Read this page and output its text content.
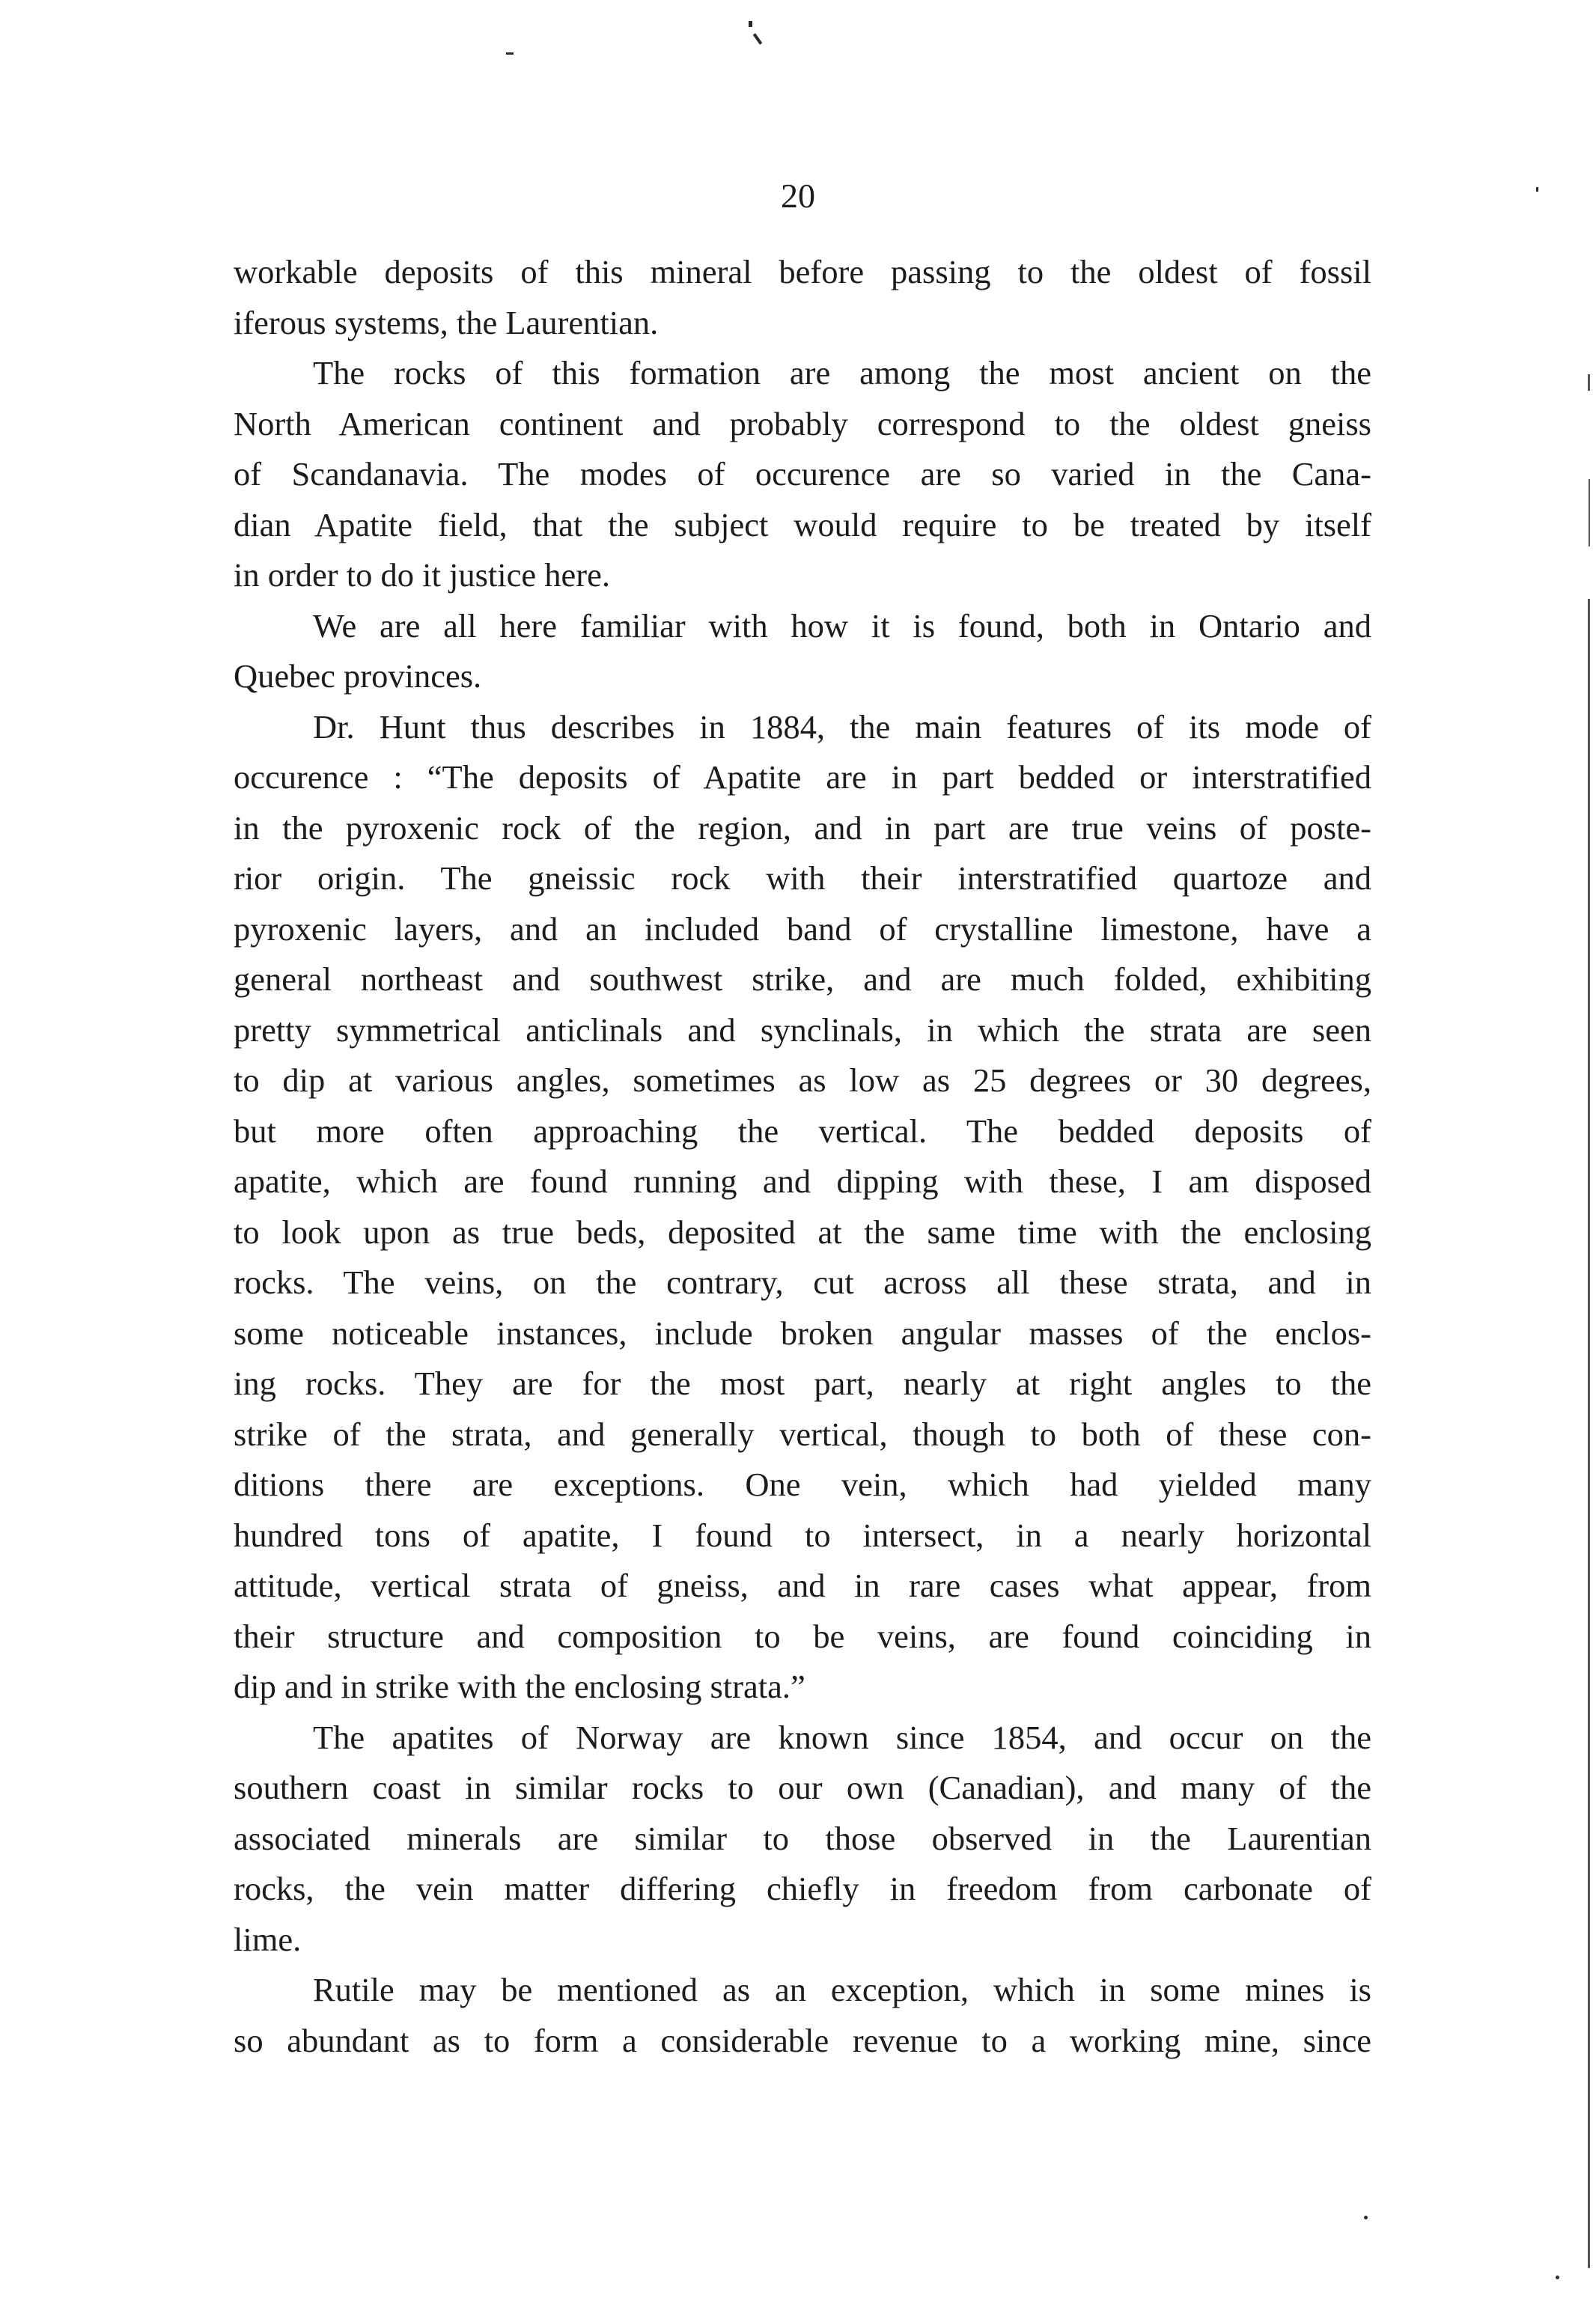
20
workable deposits of this mineral before passing to the oldest of fossil
iferous systems, the Laurentian.
The rocks of this formation are among the most ancient on the
North American continent and probably correspond to the oldest gneiss
of Scandanavia. The modes of occurence are so varied in the Cana-
dian Apatite field, that the subject would require to be treated by itself
in order to do it justice here.
We are all here familiar with how it is found, both in Ontario and
Quebec provinces.
Dr. Hunt thus describes in 1884, the main features of its mode of
occurence : “The deposits of Apatite are in part bedded or interstratified
in the pyroxenic rock of the region, and in part are true veins of poste-
rior origin. The gneissic rock with their interstratified quartoze and
pyroxenic layers, and an included band of crystalline limestone, have a
general northeast and southwest strike, and are much folded, exhibiting
pretty symmetrical anticlinals and synclinals, in which the strata are seen
to dip at various angles, sometimes as low as 25 degrees or 30 degrees,
but more often approaching the vertical. The bedded deposits of
apatite, which are found running and dipping with these, I am disposed
to look upon as true beds, deposited at the same time with the enclosing
rocks. The veins, on the contrary, cut across all these strata, and in
some noticeable instances, include broken angular masses of the enclos-
ing rocks. They are for the most part, nearly at right angles to the
strike of the strata, and generally vertical, though to both of these con-
ditions there are exceptions. One vein, which had yielded many
hundred tons of apatite, I found to intersect, in a nearly horizontal
attitude, vertical strata of gneiss, and in rare cases what appear, from
their structure and composition to be veins, are found coinciding in
dip and in strike with the enclosing strata.”
The apatites of Norway are known since 1854, and occur on the
southern coast in similar rocks to our own (Canadian), and many of the
associated minerals are similar to those observed in the Laurentian
rocks, the vein matter differing chiefly in freedom from carbonate of
lime.
Rutile may be mentioned as an exception, which in some mines is
so abundant as to form a considerable revenue to a working mine, since
